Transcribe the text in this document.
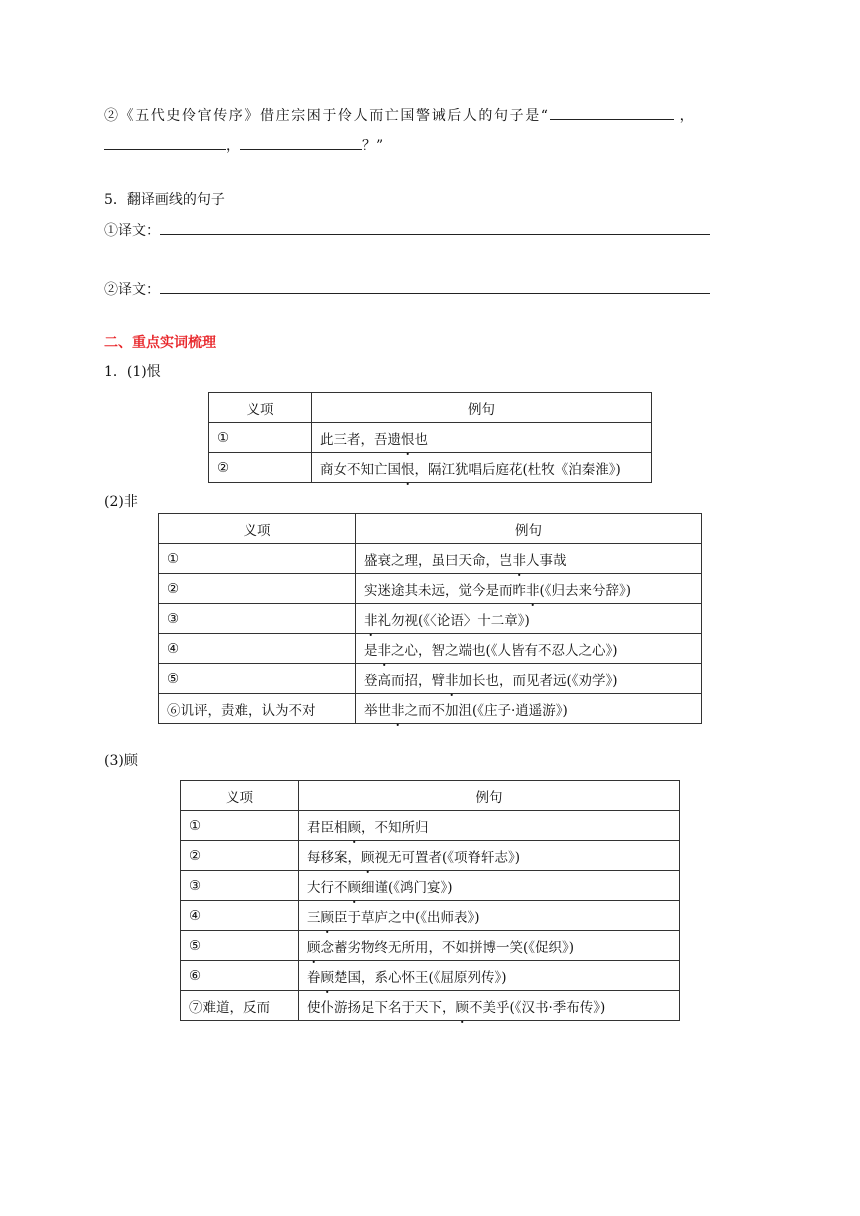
②《五代史伶官传序》借庄宗困于伶人而亡国警诫后人的句子是“	，
，	？”
5．翻译画线的句子
①译文：
②译文：
二、重点实词梳理
1．(1)恨
义项	例句
①	此三者，吾遗恨也
②	商女不知亡国恨，隔江犹唱后庭花(杜牧《泊秦淮》)
(2)非
义项	例句
①	盛衰之理，虽曰天命，岂非人事哉
②	实迷途其未远，觉今是而昨非(《归去来兮辞》)
③	非礼勿视(《〈论语〉十二章》)
④	是非之心，智之端也(《人皆有不忍人之心》)
⑤	登高而招，臂非加长也，而见者远(《劝学》)
⑥讥评，责难，认为不对	举世非之而不加沮(《庄子·逍遥游》)
(3)顾
义项	例句
①	君臣相顾，不知所归
②	每移案，顾视无可置者(《项脊轩志》)
③	大行不顾细谨(《鸿门宴》)
④	三顾臣于草庐之中(《出师表》)
⑤	顾念蓄劣物终无所用，不如拼博一笑(《促织》)
⑥	眷顾楚国，系心怀王(《屈原列传》)
⑦难道，反而	使仆游扬足下名于天下，顾不美乎(《汉书·季布传》)
